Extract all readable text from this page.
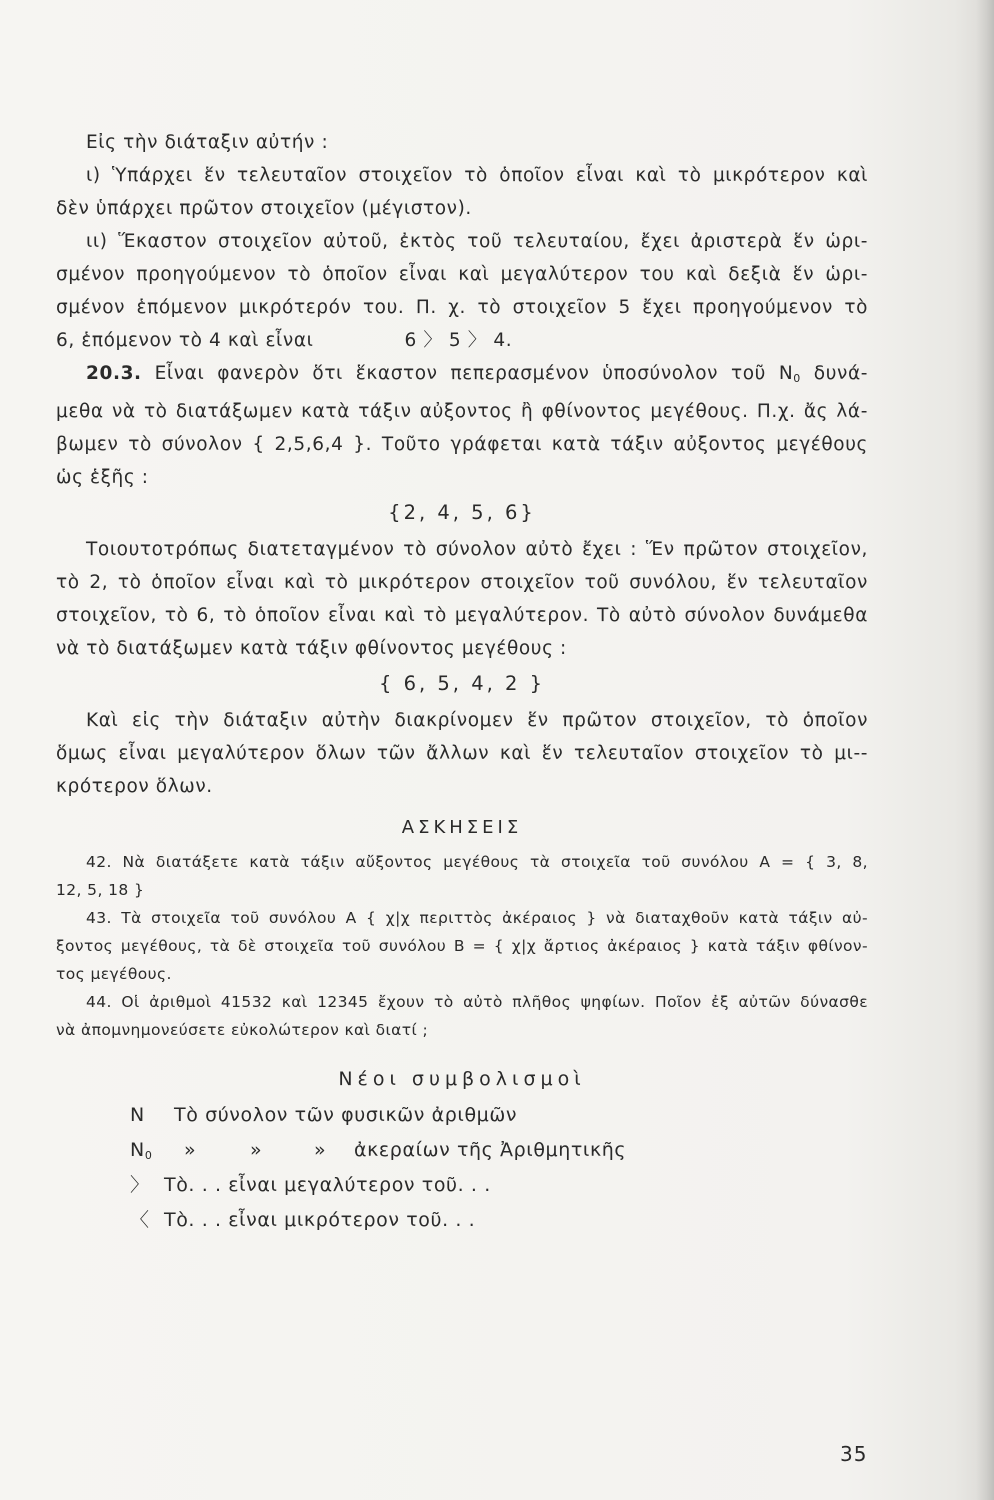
Εἰς τὴν διάταξιν αὐτήν :
ι) Ὑπάρχει ἕν τελευταῖον στοιχεῖον τὸ ὁποῖον εἶναι καὶ τὸ μικρότερον καὶ
δὲν ὑπάρχει πρῶτον στοιχεῖον (μέγιστον).
ιι) Ἕκαστον στοιχεῖον αὐτοῦ, ἐκτὸς τοῦ τελευταίου, ἔχει ἀριστερὰ ἕν ὡρι-
σμένον προηγούμενον τὸ ὁποῖον εἶναι καὶ μεγαλύτερον του καὶ δεξιὰ ἕν ὡρι-
σμένον ἑπόμενον μικρότερόν του. Π. χ. τὸ στοιχεῖον 5 ἔχει προηγούμενον τὸ
6, ἑπόμενον τὸ 4 καὶ εἶναι	6 〉 5 〉 4.
20.3. Εἶναι φανερὸν ὅτι ἕκαστον πεπερασμένον ὑποσύνολον τοῦ $N_0$ δυνά-
μεθα νὰ τὸ διατάξωμεν κατὰ τάξιν αὐξοντος ἢ φθίνοντος μεγέθους. Π.χ. ἄς λά-
βωμεν τὸ σύνολον { 2,5,6,4 }. Τοῦτο γράφεται κατὰ τάξιν αὐξοντος μεγέθους
ὡς ἑξῆς :
{2, 4, 5, 6}
Τοιουτοτρόπως διατεταγμένον τὸ σύνολον αὐτὸ ἔχει : Ἕν πρῶτον στοιχεῖον,
τὸ 2, τὸ ὁποῖον εἶναι καὶ τὸ μικρότερον στοιχεῖον τοῦ συνόλου, ἕν τελευταῖον
στοιχεῖον, τὸ 6, τὸ ὁποῖον εἶναι καὶ τὸ μεγαλύτερον. Τὸ αὐτὸ σύνολον δυνάμεθα
νὰ τὸ διατάξωμεν κατὰ τάξιν φθίνοντος μεγέθους :
{ 6, 5, 4, 2 }
Καὶ εἰς τὴν διάταξιν αὐτὴν διακρίνομεν ἕν πρῶτον στοιχεῖον, τὸ ὁποῖον
ὅμως εἶναι μεγαλύτερον ὅλων τῶν ἄλλων καὶ ἕν τελευταῖον στοιχεῖον τὸ μι--
κρότερον ὅλων.
ΑΣΚΗΣΕΙΣ
42. Νὰ διατάξετε κατὰ τάξιν αὔξοντος μεγέθους τὰ στοιχεῖα τοῦ συνόλου A = { 3, 8,
12, 5, 18 }
43. Τὰ στοιχεῖα τοῦ συνόλου A { χ|χ περιττὸς ἀκέραιος } νὰ διαταχθοῦν κατὰ τάξιν αὐ-
ξοντος μεγέθους, τὰ δὲ στοιχεῖα τοῦ συνόλου B = { χ|χ ἄρτιος ἀκέραιος } κατὰ τάξιν φθίνον-
τος μεγέθους.
44. Οἱ ἀριθμοὶ 41532 καὶ 12345 ἔχουν τὸ αὐτὸ πλῆθος ψηφίων. Ποῖον ἐξ αὐτῶν δύνασθε
νὰ ἀπομνημονεύσετε εὐκολώτερον καὶ διατί ;
Νέοι συμβολισμοὶ
N Τὸ σύνολον τῶν φυσικῶν ἀριθμῶν
$N_0$ »	»	» ἀκεραίων τῆς Ἀριθμητικῆς
〉 Τὸ. . . εἶναι μεγαλύτερον τοῦ. . .
〈 Τὸ. . . εἶναι μικρότερον τοῦ. . .
35
